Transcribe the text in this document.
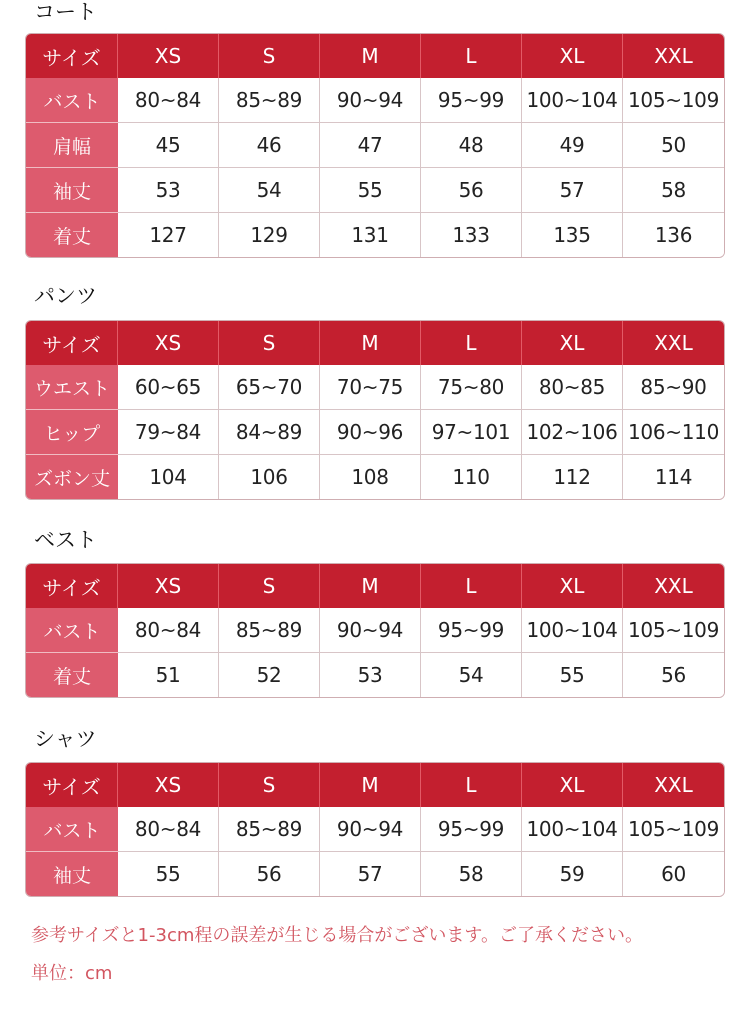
コート
サイズ	XS	S	M	L	XL	XXL
バスト	80~84	85~89	90~94	95~99	100~104	105~109
肩幅	45	46	47	48	49	50
袖丈	53	54	55	56	57	58
着丈	127	129	131	133	135	136
パンツ
サイズ	XS	S	M	L	XL	XXL
ウエスト	60~65	65~70	70~75	75~80	80~85	85~90
ヒップ	79~84	84~89	90~96	97~101	102~106	106~110
ズボン丈	104	106	108	110	112	114
ベスト
サイズ	XS	S	M	L	XL	XXL
バスト	80~84	85~89	90~94	95~99	100~104	105~109
着丈	51	52	53	54	55	56
シャツ
サイズ	XS	S	M	L	XL	XXL
バスト	80~84	85~89	90~94	95~99	100~104	105~109
袖丈	55	56	57	58	59	60

参考サイズと1-3cm程の誤差が生じる場合がございます。ご了承ください。

単位：cm
